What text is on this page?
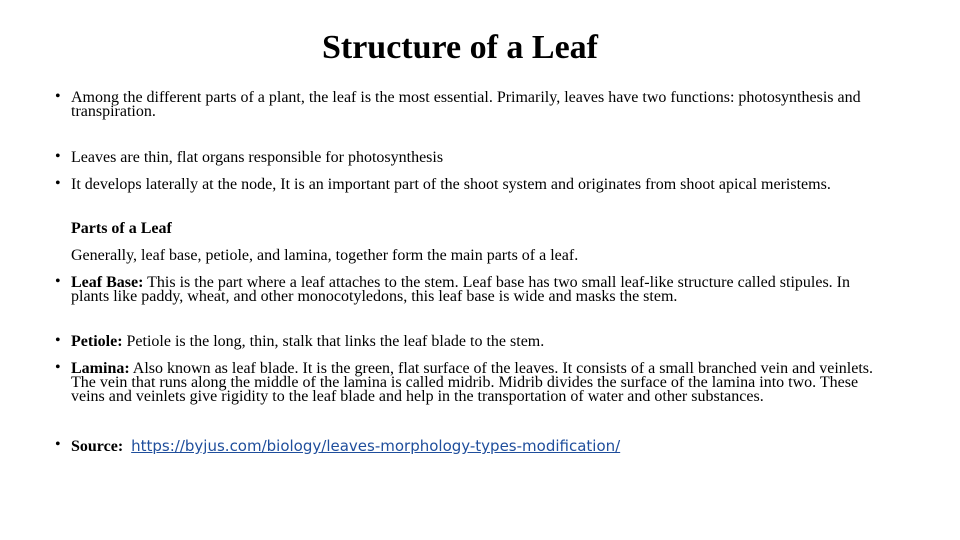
Structure of a Leaf
• Among the different parts of a plant, the leaf is the most essential. Primarily, leaves have two functions: photosynthesis and transpiration.
• Leaves are thin, flat organs responsible for photosynthesis
• It develops laterally at the node, It is an important part of the shoot system and originates from shoot apical meristems.
Parts of a Leaf
Generally, leaf base, petiole, and lamina, together form the main parts of a leaf.
• Leaf Base: This is the part where a leaf attaches to the stem. Leaf base has two small leaf-like structure called stipules. In plants like paddy, wheat, and other monocotyledons, this leaf base is wide and masks the stem.
• Petiole: Petiole is the long, thin, stalk that links the leaf blade to the stem.
• Lamina: Also known as leaf blade. It is the green, flat surface of the leaves. It consists of a small branched vein and veinlets. The vein that runs along the middle of the lamina is called midrib. Midrib divides the surface of the lamina into two. These veins and veinlets give rigidity to the leaf blade and help in the transportation of water and other substances.
• Source: https://byjus.com/biology/leaves-morphology-types-modification/
